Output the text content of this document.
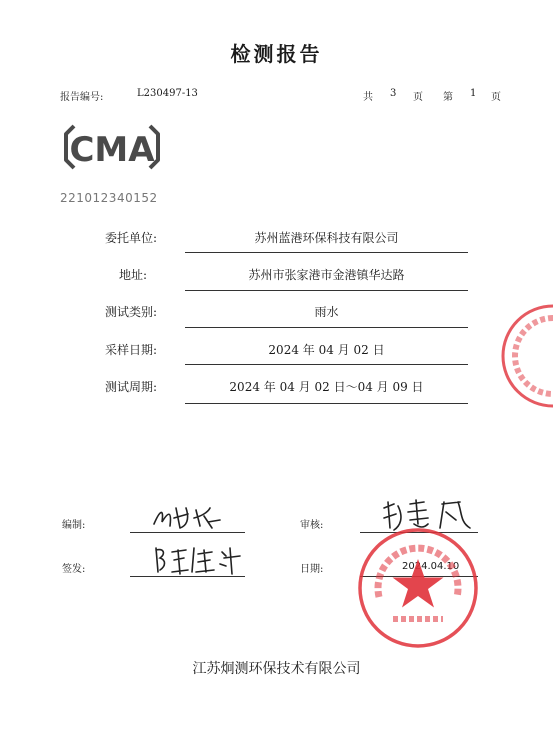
检测报告
报告编号:	L230497-13	共 3 页 第 1 页
CMA
221012340152
委托单位:	苏州蓝港环保科技有限公司
地址:	苏州市张家港市金港镇华达路
测试类别:	雨水
采样日期:	2024 年 04 月 02 日
测试周期:	2024 年 04 月 02 日～04 月 09 日
编制:	审核:
签发:	日期:	2024.04.10
江苏炯测环保技术有限公司
